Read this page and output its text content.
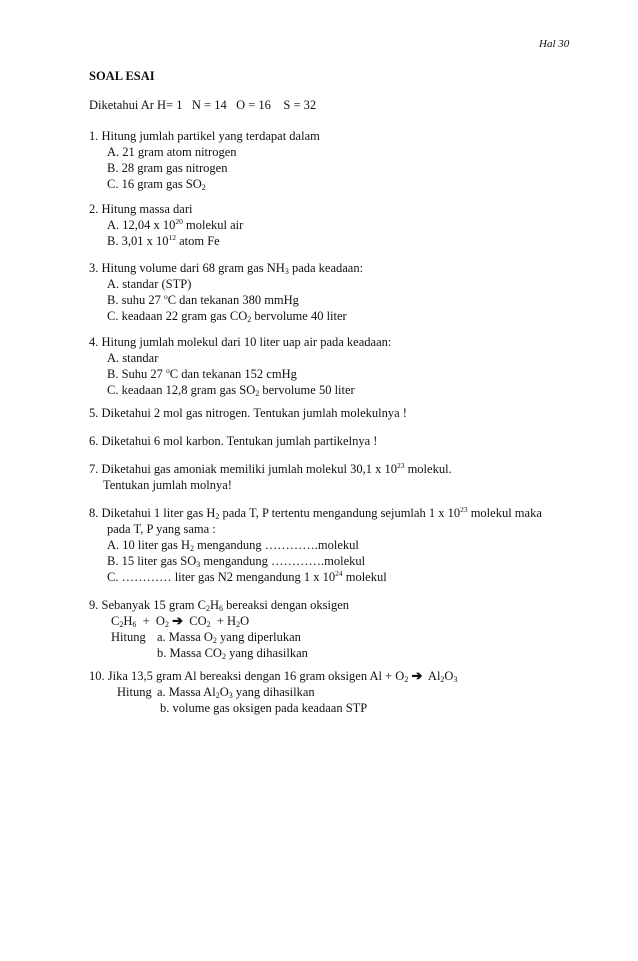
Hal 30
SOAL ESAI
Diketahui Ar H= 1   N = 14   O = 16    S = 32
1. Hitung jumlah partikel yang terdapat dalam
A. 21 gram atom nitrogen
B. 28 gram gas nitrogen
C. 16 gram gas $SO_2$
2. Hitung massa dari
A. 12,04 x $10^{20}$ molekul air
B. 3,01 x $10^{12}$ atom Fe
3. Hitung volume dari 68 gram gas $NH_3$ pada keadaan:
A. standar (STP)
B. suhu 27 $^o$C dan tekanan 380 mmHg
C. keadaan 22 gram gas $CO_2$ bervolume 40 liter
4. Hitung jumlah molekul dari 10 liter uap air pada keadaan:
A. standar
B. Suhu 27 $^o$C dan tekanan 152 cmHg
C. keadaan 12,8 gram gas $SO_2$ bervolume 50 liter
5. Diketahui 2 mol gas nitrogen. Tentukan jumlah molekulnya !
6. Diketahui 6 mol karbon. Tentukan jumlah partikelnya !
7. Diketahui gas amoniak memiliki jumlah molekul 30,1 x $10^{23}$ molekul.
Tentukan jumlah molnya!
8. Diketahui 1 liter gas $H_2$ pada T, P tertentu mengandung sejumlah 1 x $10^{23}$ molekul maka
pada T, P yang sama :
A. 10 liter gas $H_2$ mengandung ………….molekul
B. 15 liter gas $SO_3$ mengandung ………….molekul
C. ………… liter gas N2 mengandung 1 x $10^{24}$ molekul
9. Sebanyak 15 gram $C_2H_6$ bereaksi dengan oksigen
$C_2H_6 + O_2$ ➔  $CO_2 + H_2O$
Hitung a. Massa $O_2$ yang diperlukan
b. Massa $CO_2$ yang dihasilkan
10. Jika 13,5 gram Al bereaksi dengan 16 gram oksigen $Al + O_2$ ➔  $Al_2O_3$
Hitung a. Massa $Al_2O_3$ yang dihasilkan
b. volume gas oksigen pada keadaan STP
